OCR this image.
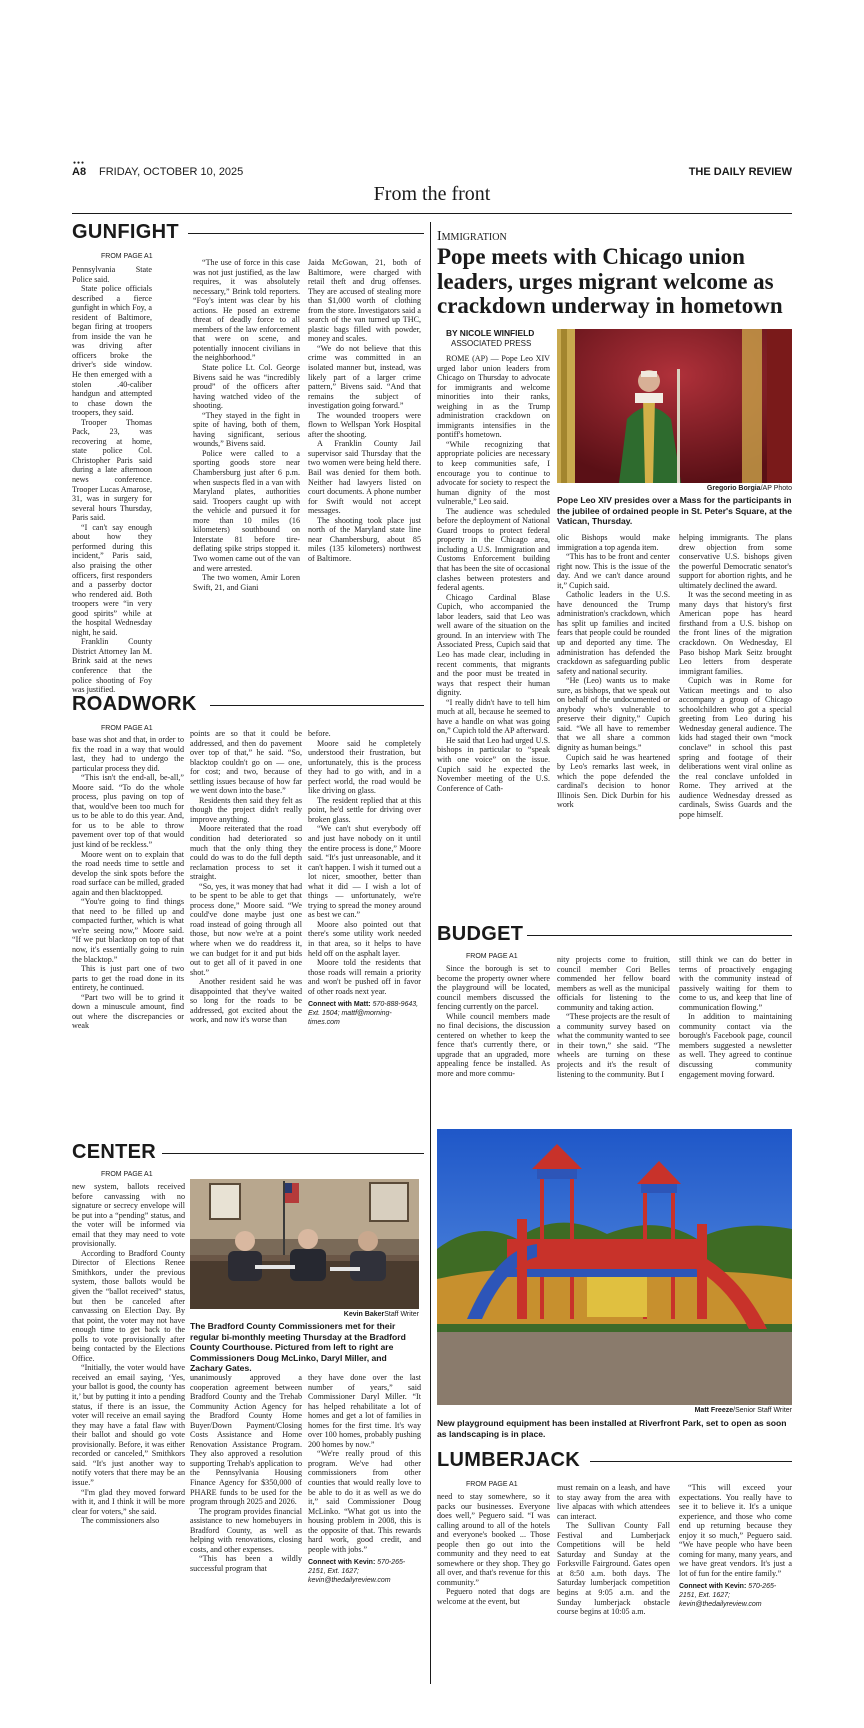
A8
●●●
FRIDAY, OCTOBER 10, 2025	THE DAILY REVIEW
From the front
GUNFIGHT
FROM PAGE A1

Pennsylvania State Police said.

State police officials described a fierce gunfight in which Foy, a resident of Baltimore, began firing at troopers from inside the van he was driving after officers broke the driver's side window. He then emerged with a stolen .40-caliber handgun and attempted to chase down the troopers, they said.

Trooper Thomas Pack, 23, was recovering at home, state police Col. Christopher Paris said during a late afternoon news conference. Trooper Lucas Amarose, 31, was in surgery for several hours Thursday, Paris said.

“I can't say enough about how they performed during this incident,” Paris said, also praising the other officers, first responders and a passerby doctor who rendered aid. Both troopers were “in very good spirits” while at the hospital Wednesday night, he said.

Franklin County District Attorney Ian M. Brink said at the news conference that the police shooting of Foy was justified.

“The use of force in this case was not just justified, as the law requires, it was absolutely necessary,” Brink told reporters. “Foy's intent was clear by his actions. He posed an extreme threat of deadly force to all members of the law enforcement that were on scene, and potentially innocent civilians in the neighborhood.”

State police Lt. Col. George Bivens said he was “incredibly proud” of the officers after having watched video of the shooting.

“They stayed in the fight in spite of having, both of them, having significant, serious wounds,” Bivens said.

Police were called to a sporting goods store near Chambersburg just after 6 p.m. when suspects fled in a van with Maryland plates, authorities said. Troopers caught up with the vehicle and pursued it for more than 10 miles (16 kilometers) southbound on Interstate 81 before tire-deflating spike strips stopped it. Two women came out of the van and were arrested.

The two women, Amir Loren Swift, 21, and Giani

Jaida McGowan, 21, both of Baltimore, were charged with retail theft and drug offenses. They are accused of stealing more than $1,000 worth of clothing from the store. Investigators said a search of the van turned up THC, plastic bags filled with powder, money and scales.

“We do not believe that this crime was committed in an isolated manner but, instead, was likely part of a larger crime pattern,” Bivens said. “And that remains the subject of investigation going forward.”

The wounded troopers were flown to Wellspan York Hospital after the shooting.

A Franklin County Jail supervisor said Thursday that the two women were being held there. Bail was denied for them both. Neither had lawyers listed on court documents. A phone number for Swift would not accept messages.

The shooting took place just north of the Maryland state line near Chambersburg, about 85 miles (135 kilometers) northwest of Baltimore.

ROADWORK
FROM PAGE A1

base was shot and that, in order to fix the road in a way that would last, they had to undergo the particular process they did.

“This isn't the end-all, be-all,” Moore said. “To do the whole process, plus paving on top of that, would've been too much for us to be able to do this year. And, for us to be able to throw pavement over top of that would just kind of be reckless.”

Moore went on to explain that the road needs time to settle and develop the sink spots before the road surface can be milled, graded again and then blacktopped.

“You're going to find things that need to be filled up and compacted further, which is what we're seeing now,” Moore said. “If we put blacktop on top of that now, it's essentially going to ruin the blacktop.”

This is just part one of two parts to get the road done in its entirety, he continued.

“Part two will be to grind it down a minuscule amount, find out where the discrepancies or weak

points are so that it could be addressed, and then do pavement over top of that,” he said. “So, blacktop couldn't go on — one, for cost; and two, because of settling issues because of how far we went down into the base.”

Residents then said they felt as though the project didn't really improve anything.

Moore reiterated that the road condition had deteriorated so much that the only thing they could do was to do the full depth reclamation process to set it straight.

“So, yes, it was money that had to be spent to be able to get that process done,” Moore said. “We could've done maybe just one road instead of going through all those, but now we're at a point where when we do readdress it, we can budget for it and put bids out to get all of it paved in one shot.”

Another resident said he was disappointed that they've waited so long for the roads to be addressed, got excited about the work, and now it's worse than

before.

Moore said he completely understood their frustration, but unfortunately, this is the process they had to go with, and in a perfect world, the road would be like driving on glass.

The resident replied that at this point, he'd settle for driving over broken glass.

“We can't shut everybody off and just have nobody on it until the entire process is done,” Moore said. “It's just unreasonable, and it can't happen. I wish it turned out a lot nicer, smoother, better than what it did — I wish a lot of things — unfortunately, we're trying to spread the money around as best we can.”

Moore also pointed out that there's some utility work needed in that area, so it helps to have held off on the asphalt layer.

Moore told the residents that those roads will remain a priority and won't be pushed off in favor of other roads next year.

Connect with Matt: 570-888-9643, Ext. 1504; mattf@morning-times.com
CENTER
FROM PAGE A1

new system, ballots received before canvassing with no signature or secrecy envelope will be put into a “pending” status, and the voter will be informed via email that they may need to vote provisionally.

According to Bradford County Director of Elections Renee Smithkors, under the previous system, those ballots would be given the “ballot received” status, but then be canceled after canvassing on Election Day. By that point, the voter may not have enough time to get back to the polls to vote provisionally after being contacted by the Elections Office.

“Initially, the voter would have received an email saying, ‘Yes, your ballot is good, the county has it,’ but by putting it into a pending status, if there is an issue, the voter will receive an email saying they may have a fatal flaw with their ballot and should go vote provisionally. Before, it was either recorded or canceled,” Smithkors said. “It's just another way to notify voters that there may be an issue.”

“I'm glad they moved forward with it, and I think it will be more clear for voters,” she said.

The commissioners also

Kevin BakerStaff Writer
The Bradford County Commissioners met for their regular bi-monthly meeting Thursday at the Bradford County Courthouse. Pictured from left to right are Commissioners Doug McLinko, Daryl Miller, and Zachary Gates.

unanimously approved a cooperation agreement between Bradford County and the Trehab Community Action Agency for the Bradford County Home Buyer/Down Payment/Closing Costs Assistance and Home Renovation Assistance Program. They also approved a resolution supporting Trehab's application to the Pennsylvania Housing Finance Agency for $350,000 of PHARE funds to be used for the program through 2025 and 2026.

The program provides financial assistance to new homebuyers in Bradford County, as well as helping with renovations, closing costs, and other expenses.

“This has been a wildly successful program that

they have done over the last number of years,” said Commissioner Daryl Miller. “It has helped rehabilitate a lot of homes and get a lot of families in homes for the first time. It's way over 100 homes, probably pushing 200 homes by now.”

“We're really proud of this program. We've had other commissioners from other counties that would really love to be able to do it as well as we do it,” said Commissioner Doug McLinko. “What got us into the housing problem in 2008, this is the opposite of that. This rewards hard work, good credit, and people with jobs.”

Connect with Kevin: 570-265-2151, Ext. 1627; kevin@thedailyreview.com
Immigration
Pope meets with Chicago union leaders, urges migrant welcome as crackdown underway in hometown
BY NICOLE WINFIELD
ASSOCIATED PRESS
Gregorio Borgia/AP Photo
Pope Leo XIV presides over a Mass for the participants in the jubilee of ordained people in St. Peter's Square, at the Vatican, Thursday.

ROME (AP) — Pope Leo XIV urged labor union leaders from Chicago on Thursday to advocate for immigrants and welcome minorities into their ranks, weighing in as the Trump administration crackdown on immigrants intensifies in the pontiff's hometown.

“While recognizing that appropriate policies are necessary to keep communities safe, I encourage you to continue to advocate for society to respect the human dignity of the most vulnerable,” Leo said.

The audience was scheduled before the deployment of National Guard troops to protect federal property in the Chicago area, including a U.S. Immigration and Customs Enforcement building that has been the site of occasional clashes between protesters and federal agents.

Chicago Cardinal Blase Cupich, who accompanied the labor leaders, said that Leo was well aware of the situation on the ground. In an interview with The Associated Press, Cupich said that Leo has made clear, including in recent comments, that migrants and the poor must be treated in ways that respect their human dignity.

“I really didn't have to tell him much at all, because he seemed to have a handle on what was going on,” Cupich told the AP afterward.

He said that Leo had urged U.S. bishops in particular to “speak with one voice” on the issue. Cupich said he expected the November meeting of the U.S. Conference of Cath-

olic Bishops would make immigration a top agenda item.

“This has to be front and center right now. This is the issue of the day. And we can't dance around it,” Cupich said.

Catholic leaders in the U.S. have denounced the Trump administration's crackdown, which has split up families and incited fears that people could be rounded up and deported any time. The administration has defended the crackdown as safeguarding public safety and national security.

“He (Leo) wants us to make sure, as bishops, that we speak out on behalf of the undocumented or anybody who's vulnerable to preserve their dignity,” Cupich said. “We all have to remember that we all share a common dignity as human beings.”

Cupich said he was heartened by Leo's remarks last week, in which the pope defended the cardinal's decision to honor Illinois Sen. Dick Durbin for his work

helping immigrants. The plans drew objection from some conservative U.S. bishops given the powerful Democratic senator's support for abortion rights, and he ultimately declined the award.

It was the second meeting in as many days that history's first American pope has heard firsthand from a U.S. bishop on the front lines of the migration crackdown. On Wednesday, El Paso bishop Mark Seitz brought Leo letters from desperate immigrant families.

Cupich was in Rome for Vatican meetings and to also accompany a group of Chicago schoolchildren who got a special greeting from Leo during his Wednesday general audience. The kids had staged their own “mock conclave” in school this past spring and footage of their deliberations went viral online as the real conclave unfolded in Rome. They arrived at the audience Wednesday dressed as cardinals, Swiss Guards and the pope himself.

BUDGET
FROM PAGE A1

Since the borough is set to become the property owner where the playground will be located, council members discussed the fencing currently on the parcel.

While council members made no final decisions, the discussion centered on whether to keep the fence that's currently there, or upgrade that an upgraded, more appealing fence be installed. As more and more commu-

nity projects come to fruition, council member Cori Belles commended her fellow board members as well as the municipal officials for listening to the community and taking action.

“These projects are the result of a community survey based on what the community wanted to see in their town,” she said. “The wheels are turning on these projects and it's the result of listening to the community. But I

still think we can do better in terms of proactively engaging with the community instead of passively waiting for them to come to us, and keep that line of communication flowing.”

In addition to maintaining community contact via the borough's Facebook page, council members suggested a newsletter as well. They agreed to continue discussing community engagement moving forward.

Matt Freeze/Senior Staff Writer
New playground equipment has been installed at Riverfront Park, set to open as soon as landscaping is in place.
LUMBERJACK
FROM PAGE A1

need to stay somewhere, so it packs our businesses. Everyone does well,” Peguero said. “I was calling around to all of the hotels and everyone's booked ... Those people then go out into the community and they need to eat somewhere or they shop. They go all over, and that's revenue for this community.”

Peguero noted that dogs are welcome at the event, but

must remain on a leash, and have to stay away from the area with live alpacas with which attendees can interact.

The Sullivan County Fall Festival and Lumberjack Competitions will be held Saturday and Sunday at the Forksville Fairground. Gates open at 8:50 a.m. both days. The Saturday lumberjack competition begins at 9:05 a.m. and the Sunday lumberjack obstacle course begins at 10:05 a.m.

“This will exceed your expectations. You really have to see it to believe it. It's a unique experience, and those who come end up returning because they enjoy it so much,” Peguero said. “We have people who have been coming for many, many years, and we have great vendors. It's just a lot of fun for the entire family.”

Connect with Kevin: 570-265-2151, Ext. 1627; kevin@thedailyreview.com
